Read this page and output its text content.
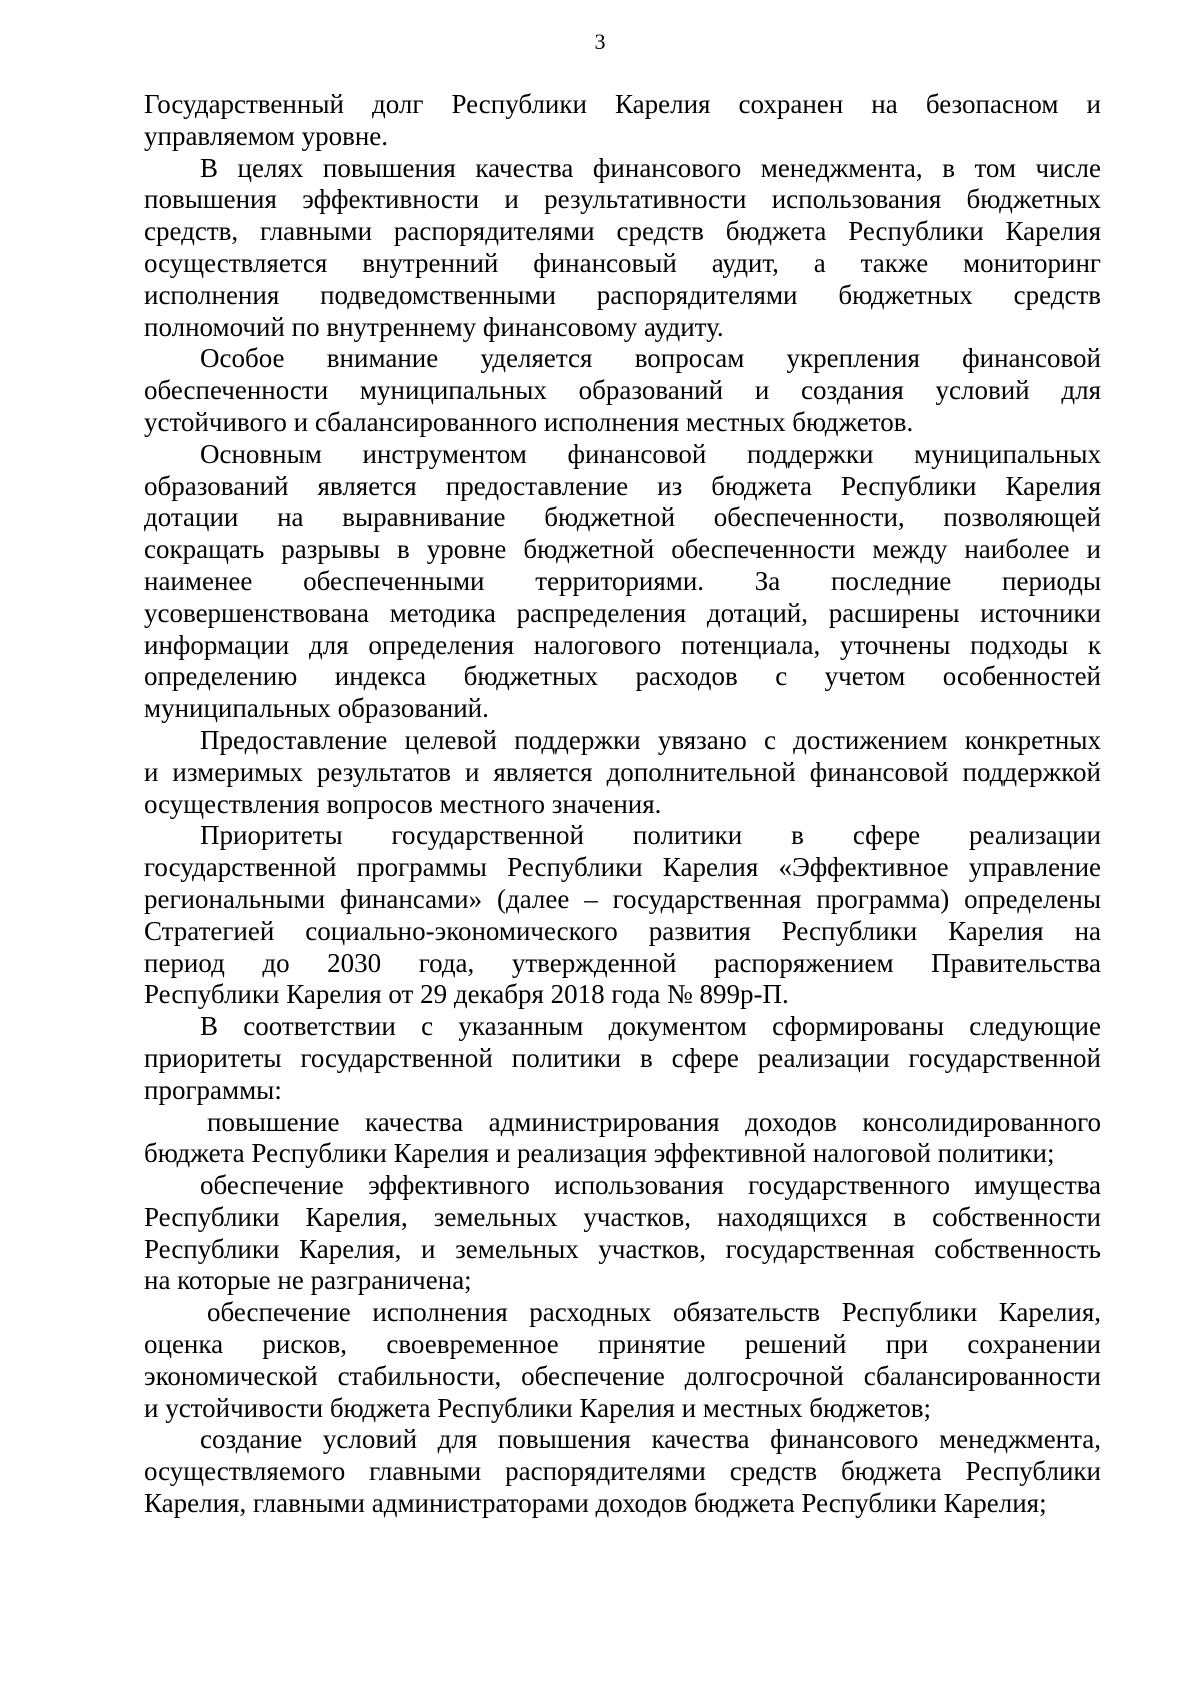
3
Государственный долг Республики Карелия сохранен на безопасном и
управляемом уровне.
В целях повышения качества финансового менеджмента, в том числе
повышения эффективности и результативности использования бюджетных
средств, главными распорядителями средств бюджета Республики Карелия
осуществляется внутренний финансовый аудит, а также мониторинг
исполнения подведомственными распорядителями бюджетных средств
полномочий по внутреннему финансовому аудиту.
Особое внимание уделяется вопросам укрепления финансовой
обеспеченности муниципальных образований и создания условий для
устойчивого и сбалансированного исполнения местных бюджетов.
Основным инструментом финансовой поддержки муниципальных
образований является предоставление из бюджета Республики Карелия
дотации на выравнивание бюджетной обеспеченности, позволяющей
сокращать разрывы в уровне бюджетной обеспеченности между наиболее и
наименее обеспеченными территориями. За последние периоды
усовершенствована методика распределения дотаций, расширены источники
информации для определения налогового потенциала, уточнены подходы к
определению индекса бюджетных расходов с учетом особенностей
муниципальных образований.
Предоставление целевой поддержки увязано с достижением конкретных
и измеримых результатов и является дополнительной финансовой поддержкой
осуществления вопросов местного значения.
Приоритеты государственной политики в сфере реализации
государственной программы Республики Карелия «Эффективное управление
региональными финансами» (далее – государственная программа) определены
Стратегией социально-экономического развития Республики Карелия на
период до 2030 года, утвержденной распоряжением Правительства
Республики Карелия от 29 декабря 2018 года № 899р-П.
В соответствии с указанным документом сформированы следующие
приоритеты государственной политики в сфере реализации государственной
программы:
повышение качества администрирования доходов консолидированного
бюджета Республики Карелия и реализация эффективной налоговой политики;
обеспечение эффективного использования государственного имущества
Республики Карелия, земельных участков, находящихся в собственности
Республики Карелия, и земельных участков, государственная собственность
на которые не разграничена;
обеспечение исполнения расходных обязательств Республики Карелия,
оценка рисков, своевременное принятие решений при сохранении
экономической стабильности, обеспечение долгосрочной сбалансированности
и устойчивости бюджета Республики Карелия и местных бюджетов;
создание условий для повышения качества финансового менеджмента,
осуществляемого главными распорядителями средств бюджета Республики
Карелия, главными администраторами доходов бюджета Республики Карелия;
